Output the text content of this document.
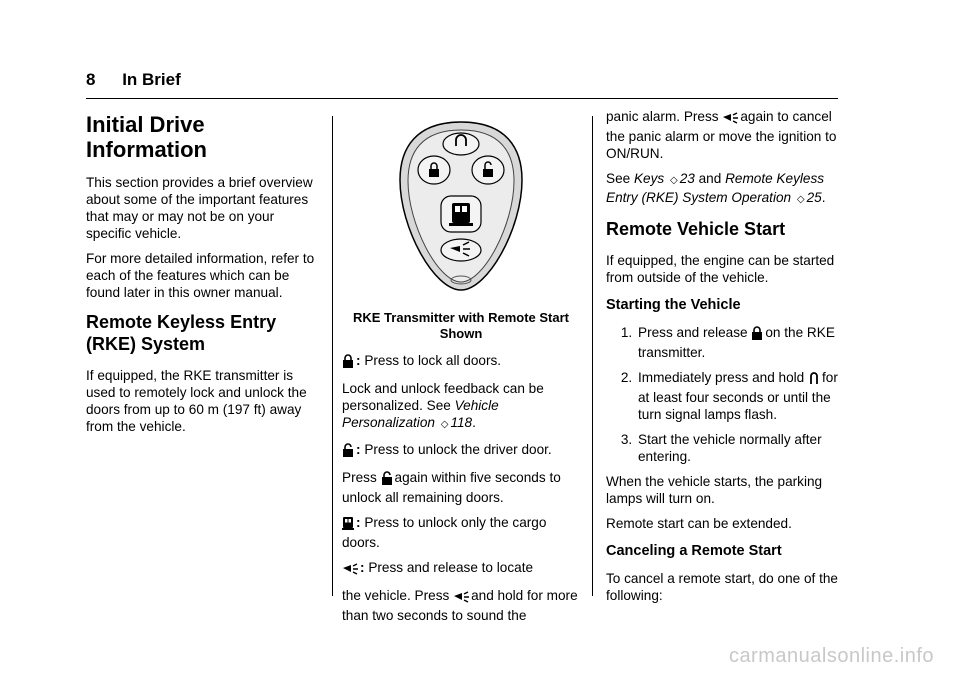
8 In Brief
Initial Drive Information

This section provides a brief overview about some of the important features that may or may not be on your specific vehicle.

For more detailed information, refer to each of the features which can be found later in this owner manual.

Remote Keyless Entry (RKE) System

If equipped, the RKE transmitter is used to remotely lock and unlock the doors from up to 60 m (197 ft) away from the vehicle.

RKE Transmitter with Remote Start Shown

: Press to lock all doors.

Lock and unlock feedback can be personalized. See Vehicle Personalization ◇ 118.

: Press to unlock the driver door.

Press again within five seconds to unlock all remaining doors.

: Press to unlock only the cargo doors.

: Press and release to locate

the vehicle. Press and hold for more than two seconds to sound the

panic alarm. Press again to cancel the panic alarm or move the ignition to ON/RUN.

See Keys ◇ 23 and Remote Keyless Entry (RKE) System Operation ◇ 25.

Remote Vehicle Start

If equipped, the engine can be started from outside of the vehicle.

Starting the Vehicle
1. Press and release on the RKE transmitter.
2. Immediately press and hold for at least four seconds or until the turn signal lamps flash.
3. Start the vehicle normally after entering.

When the vehicle starts, the parking lamps will turn on.

Remote start can be extended.

Canceling a Remote Start

To cancel a remote start, do one of the following:

carmanualsonline.info
